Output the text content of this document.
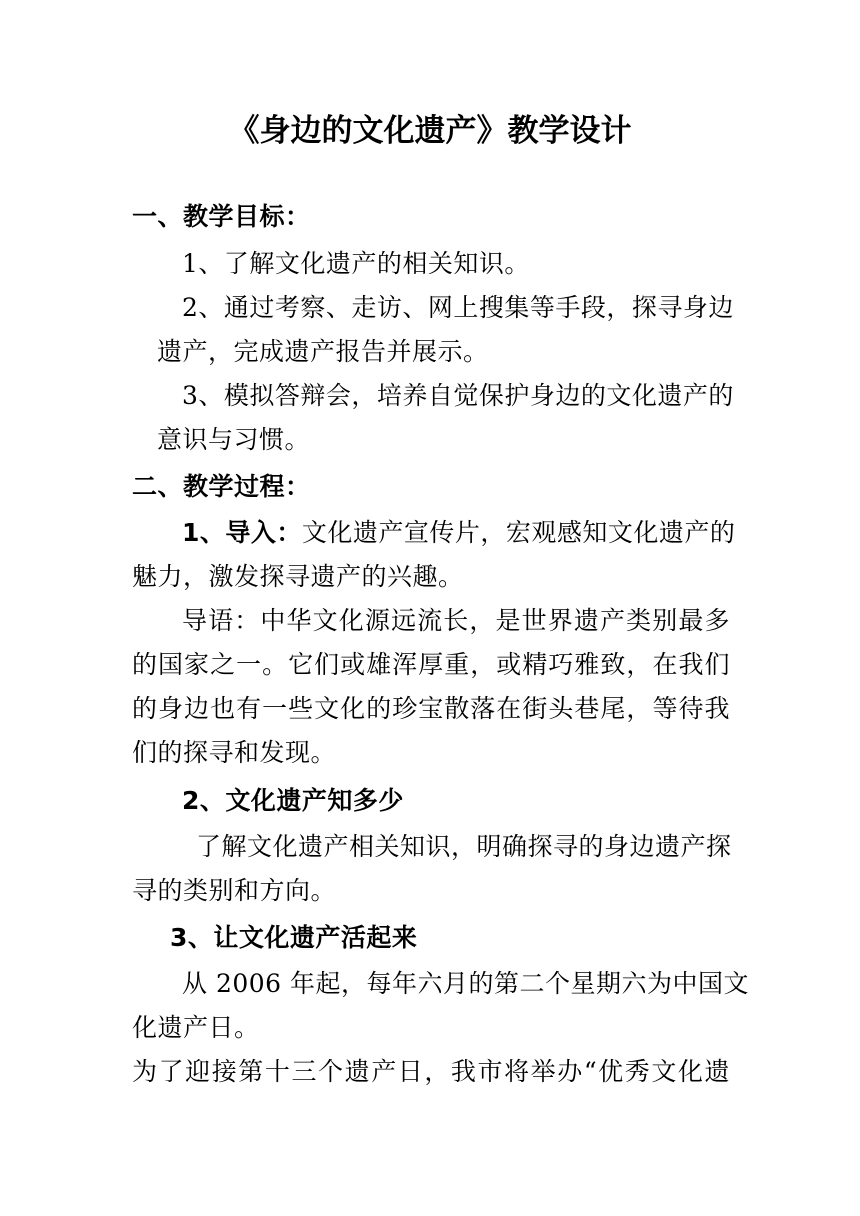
《身边的文化遗产》教学设计
一、教学目标：
1、了解文化遗产的相关知识。
2、通过考察、走访、网上搜集等手段，探寻身边
遗产，完成遗产报告并展示。
3、模拟答辩会，培养自觉保护身边的文化遗产的
意识与习惯。
二、教学过程：
1、导入： 文化遗产宣传片，宏观感知文化遗产的
魅力，激发探寻遗产的兴趣。
导语：中华文化源远流长，是世界遗产类别最多
的国家之一。它们或雄浑厚重，或精巧雅致，在我们
的身边也有一些文化的珍宝散落在街头巷尾，等待我
们的探寻和发现。
2、文化遗产知多少
了解文化遗产相关知识，明确探寻的身边遗产探
寻的类别和方向。
3、让文化遗产活起来
从 2006 年起，每年六月的第二个星期六为中国文
化遗产日。
为了迎接第十三个遗产日，我市将举办“优秀文化遗
